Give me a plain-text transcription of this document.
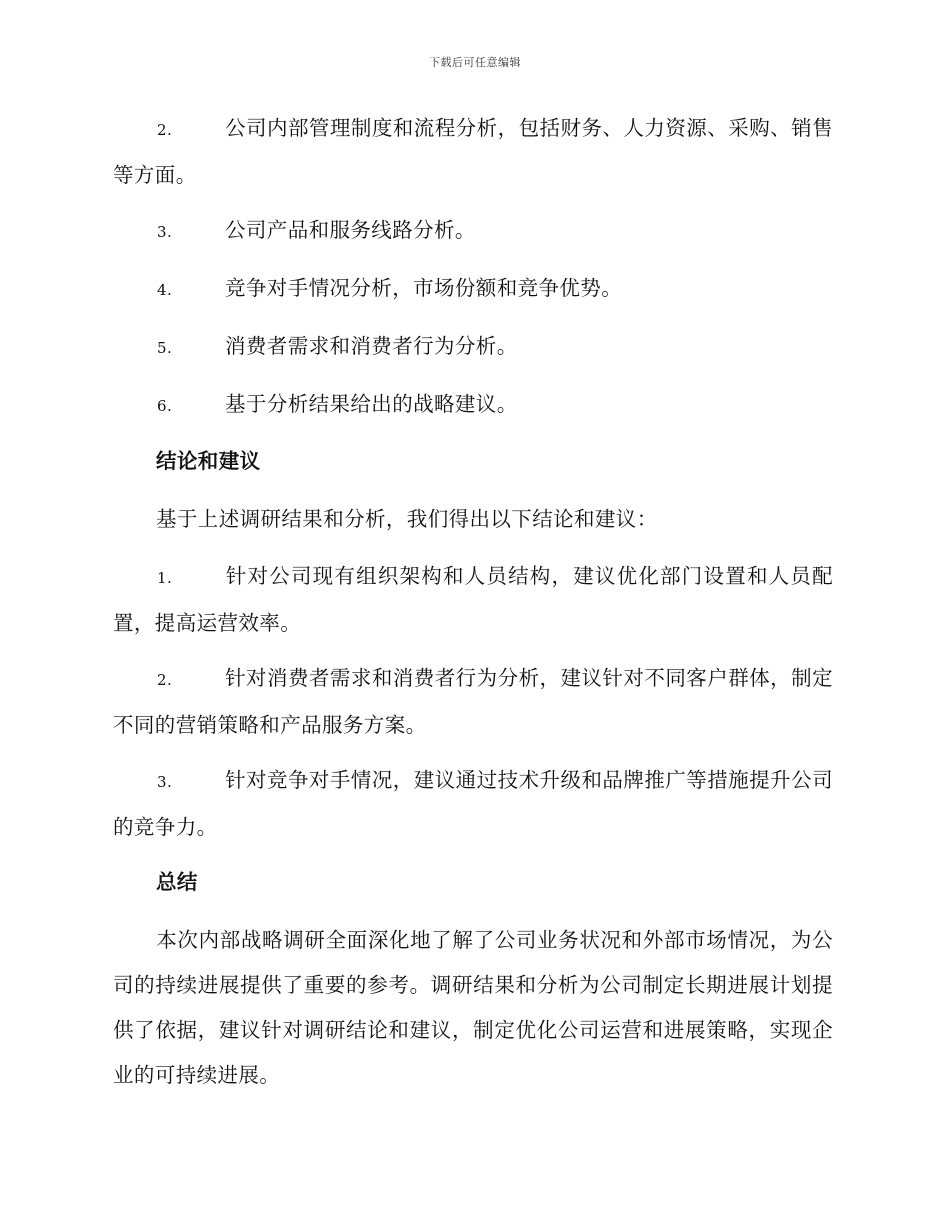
下载后可任意编辑
2.	公司内部管理制度和流程分析，包括财务、人力资源、采购、销售等方面。
3.	公司产品和服务线路分析。
4.	竞争对手情况分析，市场份额和竞争优势。
5.	消费者需求和消费者行为分析。
6.	基于分析结果给出的战略建议。
结论和建议
基于上述调研结果和分析，我们得出以下结论和建议：
1.	针对公司现有组织架构和人员结构，建议优化部门设置和人员配置，提高运营效率。
2.	针对消费者需求和消费者行为分析，建议针对不同客户群体，制定不同的营销策略和产品服务方案。
3.	针对竞争对手情况，建议通过技术升级和品牌推广等措施提升公司的竞争力。
总结
本次内部战略调研全面深化地了解了公司业务状况和外部市场情况，为公司的持续进展提供了重要的参考。调研结果和分析为公司制定长期进展计划提供了依据，建议针对调研结论和建议，制定优化公司运营和进展策略，实现企业的可持续进展。
